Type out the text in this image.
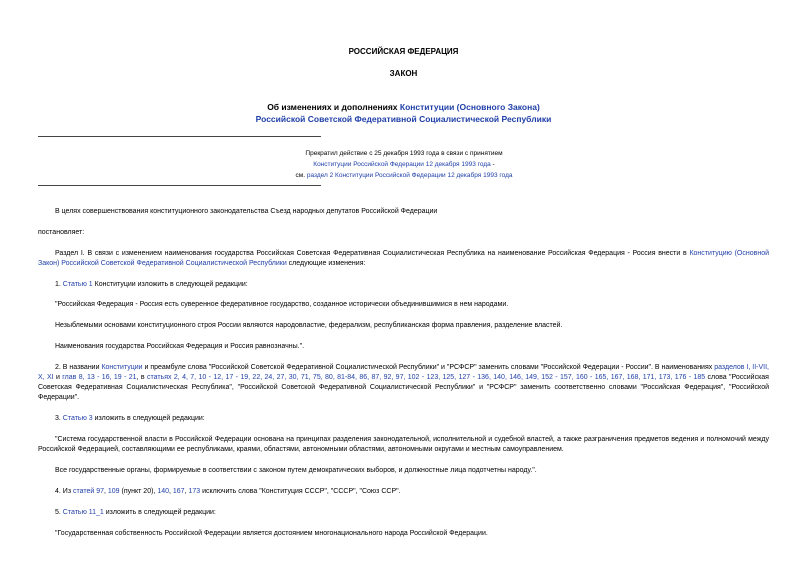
РОССИЙСКАЯ ФЕДЕРАЦИЯ
ЗАКОН
Об изменениях и дополнениях Конституции (Основного Закона)
Российской Советской Федеративной Социалистической Республики
Прекратил действие с 25 декабря 1993 года в связи с принятием
Конституции Российской Федерации 12 декабря 1993 года -
см. раздел 2 Конституции Российской Федерации 12 декабря 1993 года
В целях совершенствования конституционного законодательства Съезд народных депутатов Российской Федерации
постановляет:
Раздел I. В связи с изменением наименования государства Российская Советская Федеративная Социалистическая Республика на наименование Российская Федерация - Россия внести в Конституцию (Основной Закон) Российской Советской Федеративной Социалистической Республики следующие изменения:
1. Статью 1 Конституции изложить в следующей редакции:
"Российская Федерация - Россия есть суверенное федеративное государство, созданное исторически объединившимися в нем народами.
Незыблемыми основами конституционного строя России являются народовластие, федерализм, республиканская форма правления, разделение властей.
Наименования государства Российская Федерация и Россия равнозначны.".
2. В названии Конституции и преамбуле слова "Российской Советской Федеративной Социалистической Республики" и "РСФСР" заменить словами "Российской Федерации - России". В наименованиях разделов I, II-VII, X, XI и глав 8, 13 - 16, 19 - 21, в статьях 2, 4, 7, 10 - 12, 17 - 19, 22, 24, 27, 30, 71, 75, 80, 81-84, 86, 87, 92, 97, 102 - 123, 125, 127 - 136, 140, 146, 149, 152 - 157, 160 - 165, 167, 168, 171, 173, 176 - 185 слова "Российская Советская Федеративная Социалистическая Республика", "Российской Советской Федеративной Социалистической Республики" и "РСФСР" заменить соответственно словами "Российская Федерация", "Российской Федерации".
3. Статью 3 изложить в следующей редакции:
"Система государственной власти в Российской Федерации основана на принципах разделения законодательной, исполнительной и судебной властей, а также разграничения предметов ведения и полномочий между Российской Федерацией, составляющими ее республиками, краями, областями, автономными областями, автономными округами и местным самоуправлением.
Все государственные органы, формируемые в соответствии с законом путем демократических выборов, и должностные лица подотчетны народу.".
4. Из статей 97, 109 (пункт 20), 140, 167, 173 исключить слова "Конституция СССР", "СССР", "Союз ССР".
5. Статью 11_1 изложить в следующей редакции:
"Государственная собственность Российской Федерации является достоянием многонационального народа Российской Федерации.
